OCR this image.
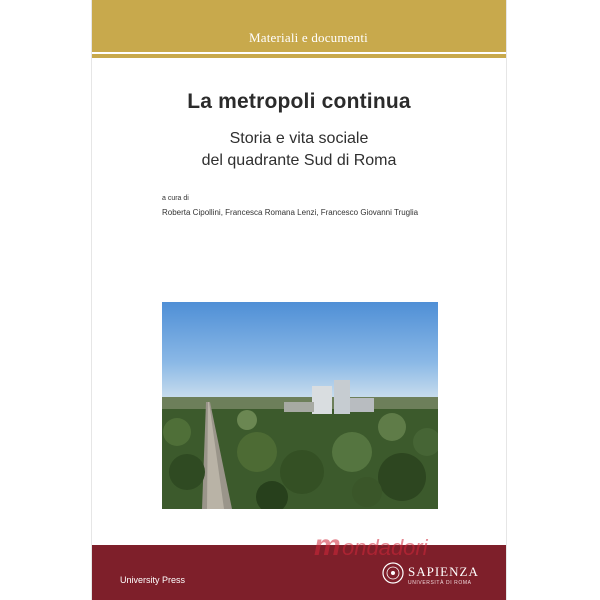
Materiali e documenti
La metropoli continua
Storia e vita sociale
del quadrante Sud di Roma
a cura di
Roberta Cipollini, Francesca Romana Lenzi, Francesco Giovanni Truglia
University Press
SAPIENZA
UNIVERSITÀ DI ROMA
m ondadori
